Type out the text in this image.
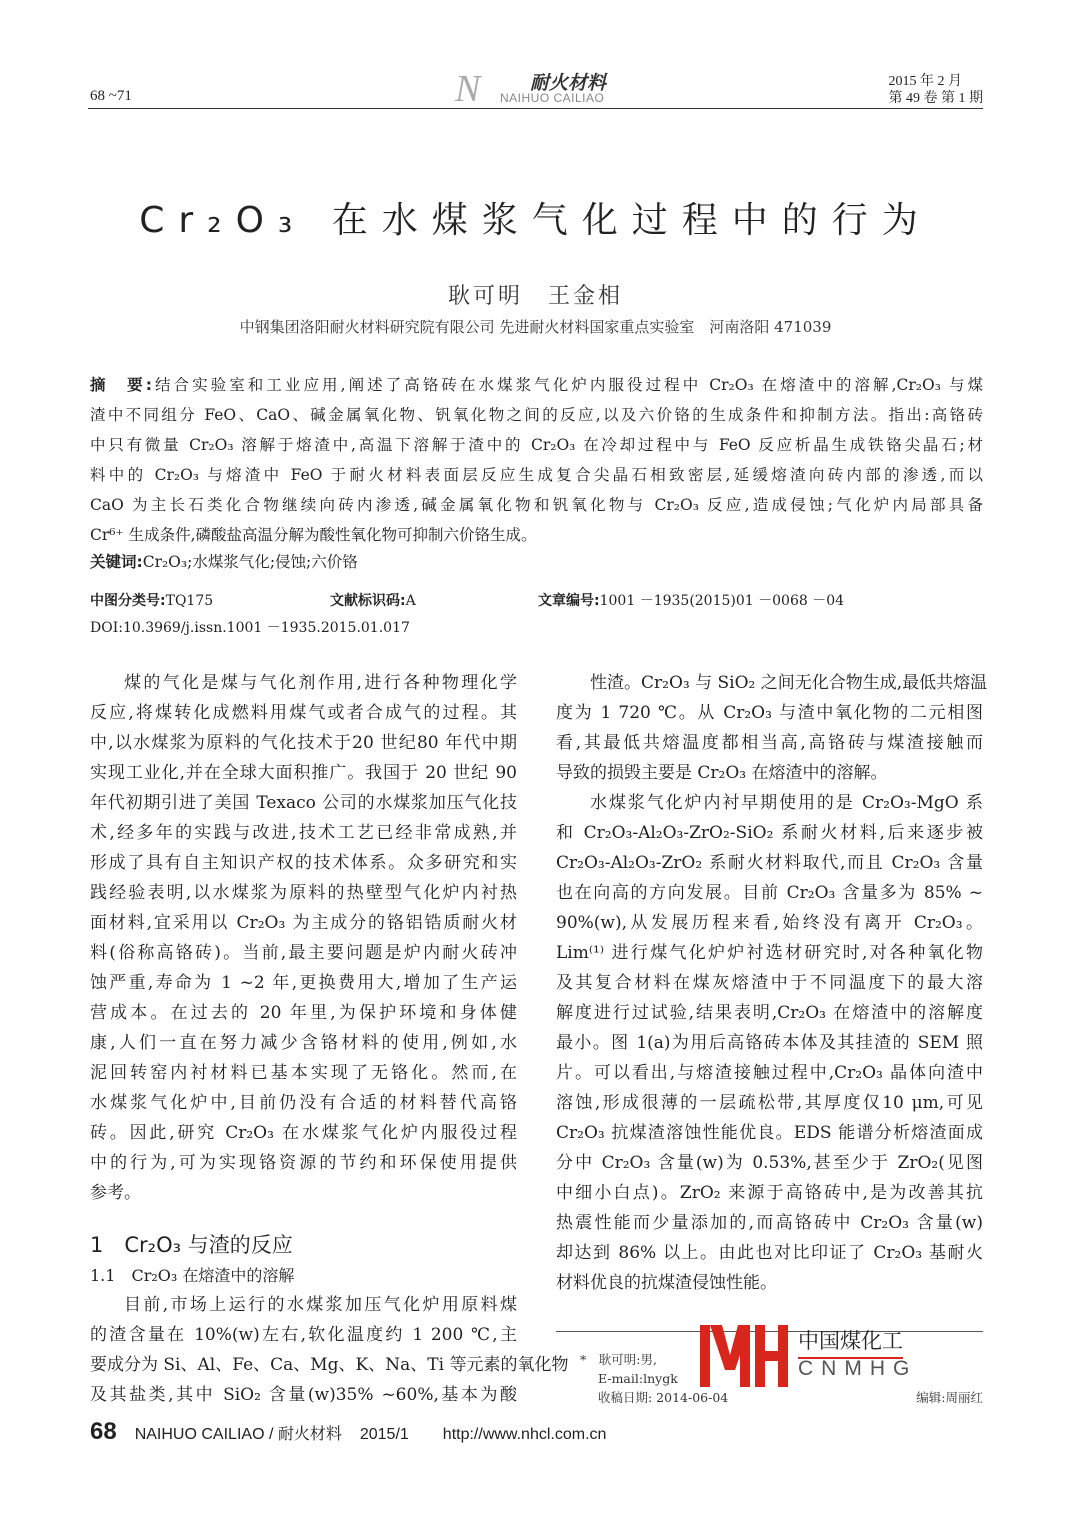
68 ~71	N	耐火材料
NAIHUO CAILIAO
2015 年 2 月
第 49 卷 第 1 期
Cr₂O₃ 在水煤浆气化过程中的行为
耿可明　王金相
中钢集团洛阳耐火材料研究院有限公司 先进耐火材料国家重点实验室　河南洛阳 471039
摘　要:结合实验室和工业应用,阐述了高铬砖在水煤浆气化炉内服役过程中 Cr₂O₃ 在熔渣中的溶解,Cr₂O₃ 与煤
渣中不同组分 FeO、CaO、碱金属氧化物、钒氧化物之间的反应,以及六价铬的生成条件和抑制方法。指出:高铬砖
中只有微量 Cr₂O₃ 溶解于熔渣中,高温下溶解于渣中的 Cr₂O₃ 在冷却过程中与 FeO 反应析晶生成铁铬尖晶石;材
料中的 Cr₂O₃ 与熔渣中 FeO 于耐火材料表面层反应生成复合尖晶石相致密层,延缓熔渣向砖内部的渗透,而以
CaO 为主长石类化合物继续向砖内渗透,碱金属氧化物和钒氧化物与 Cr₂O₃ 反应,造成侵蚀;气化炉内局部具备
Cr⁶⁺ 生成条件,磷酸盐高温分解为酸性氧化物可抑制六价铬生成。
关键词:Cr₂O₃;水煤浆气化;侵蚀;六价铬
中图分类号:TQ175	文献标识码:A	文章编号:1001 －1935(2015)01 －0068 －04
DOI:10.3969/j.issn.1001 －1935.2015.01.017
煤的气化是煤与气化剂作用,进行各种物理化学
反应,将煤转化成燃料用煤气或者合成气的过程。其
中,以水煤浆为原料的气化技术于20 世纪80 年代中期
实现工业化,并在全球大面积推广。我国于 20 世纪 90
年代初期引进了美国 Texaco 公司的水煤浆加压气化技
术,经多年的实践与改进,技术工艺已经非常成熟,并
形成了具有自主知识产权的技术体系。众多研究和实
践经验表明,以水煤浆为原料的热壁型气化炉内衬热
面材料,宜采用以 Cr₂O₃ 为主成分的铬铝锆质耐火材
料(俗称高铬砖)。当前,最主要问题是炉内耐火砖冲
蚀严重,寿命为 1 ~2 年,更换费用大,增加了生产运
营成本。在过去的 20 年里,为保护环境和身体健
康,人们一直在努力减少含铬材料的使用,例如,水
泥回转窑内衬材料已基本实现了无铬化。然而,在
水煤浆气化炉中,目前仍没有合适的材料替代高铬
砖。因此,研究 Cr₂O₃ 在水煤浆气化炉内服役过程
中的行为,可为实现铬资源的节约和环保使用提供
参考。
1　Cr₂O₃ 与渣的反应
1.1　Cr₂O₃ 在熔渣中的溶解
目前,市场上运行的水煤浆加压气化炉用原料煤
的渣含量在 10%(w)左右,软化温度约 1 200 ℃,主
要成分为 Si、Al、Fe、Ca、Mg、K、Na、Ti 等元素的氧化物
及其盐类,其中 SiO₂ 含量(w)35% ~60%,基本为酸
性渣。Cr₂O₃ 与 SiO₂ 之间无化合物生成,最低共熔温
度为 1 720 ℃。从 Cr₂O₃ 与渣中氧化物的二元相图
看,其最低共熔温度都相当高,高铬砖与煤渣接触而
导致的损毁主要是 Cr₂O₃ 在熔渣中的溶解。
水煤浆气化炉内衬早期使用的是 Cr₂O₃-MgO 系
和 Cr₂O₃-Al₂O₃-ZrO₂-SiO₂ 系耐火材料,后来逐步被
Cr₂O₃-Al₂O₃-ZrO₂ 系耐火材料取代,而且 Cr₂O₃ 含量
也在向高的方向发展。目前 Cr₂O₃ 含量多为 85% ~
90%(w),从发展历程来看,始终没有离开 Cr₂O₃。
Lim⁽¹⁾ 进行煤气化炉炉衬选材研究时,对各种氧化物
及其复合材料在煤灰熔渣中于不同温度下的最大溶
解度进行过试验,结果表明,Cr₂O₃ 在熔渣中的溶解度
最小。图 1(a)为用后高铬砖本体及其挂渣的 SEM 照
片。可以看出,与熔渣接触过程中,Cr₂O₃ 晶体向渣中
溶蚀,形成很薄的一层疏松带,其厚度仅10 μm,可见
Cr₂O₃ 抗煤渣溶蚀性能优良。EDS 能谱分析熔渣面成
分中 Cr₂O₃ 含量(w)为 0.53%,甚至少于 ZrO₂(见图
中细小白点)。ZrO₂ 来源于高铬砖中,是为改善其抗
热震性能而少量添加的,而高铬砖中 Cr₂O₃ 含量(w)
却达到 86% 以上。由此也对比印证了 Cr₂O₃ 基耐火
材料优良的抗煤渣侵蚀性能。
*　耿可明:男,
E-mail:lnygk
收稿日期: 2014-06-04	编辑:周丽红
中国煤化工
CNMHG
68 NAIHUO CAILIAO / 耐火材料 2015/1 http://www.nhcl.com.cn
